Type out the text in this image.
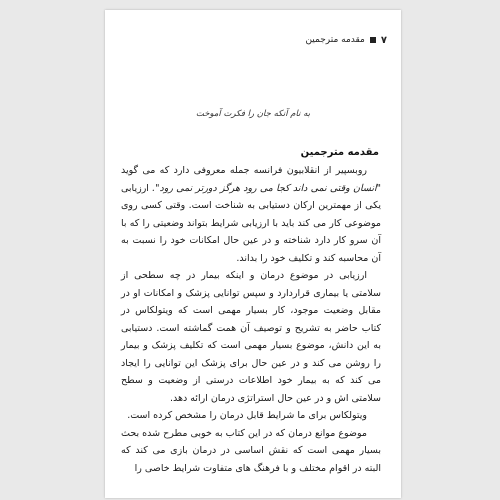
۷
مقدمه مترجمین
به نام آنکه جان را فکرت آموخت
مقدمه مترجمین

روبسپیر از انقلابیون فرانسه جمله معروفی دارد که می گوید "انسان وقتی نمی داند کجا می رود هرگز دورتر نمی رود". ارزیابی یکی از مهمترین ارکان دستیابی به شناخت است. وقتی کسی روی موضوعی کار می کند باید با ارزیابی شرایط بتواند وضعیتی را که با آن سرو کار دارد شناخته و در عین حال امکانات خود را نسبت به آن محاسبه کند و تکلیف خود را بداند.

ارزیابی در موضوع درمان و اینکه بیمار در چه سطحی از سلامتی یا بیماری قراردارد و سپس توانایی پزشک و امکانات او در مقابل وضعیت موجود، کار بسیار مهمی است که ویتولکاس در کتاب حاضر به تشریح و توصیف آن همت گماشته است. دستیابی به این دانش، موضوع بسیار مهمی است که تکلیف پزشک و بیمار را روشن می کند و در عین حال برای پزشک این توانایی را ایجاد می کند که به بیمار خود اطلاعات درستی از وضعیت و سطح سلامتی اش و در عین حال استراتژی درمان ارائه دهد.

ویتولکاس برای ما شرایط قابل درمان را مشخص کرده است.

موضوع موانع درمان که در این کتاب به خوبی مطرح شده بحث بسیار مهمی است که نقش اساسی در درمان بازی می کند که البته در اقوام مختلف و با فرهنگ های متفاوت شرایط خاصی را
